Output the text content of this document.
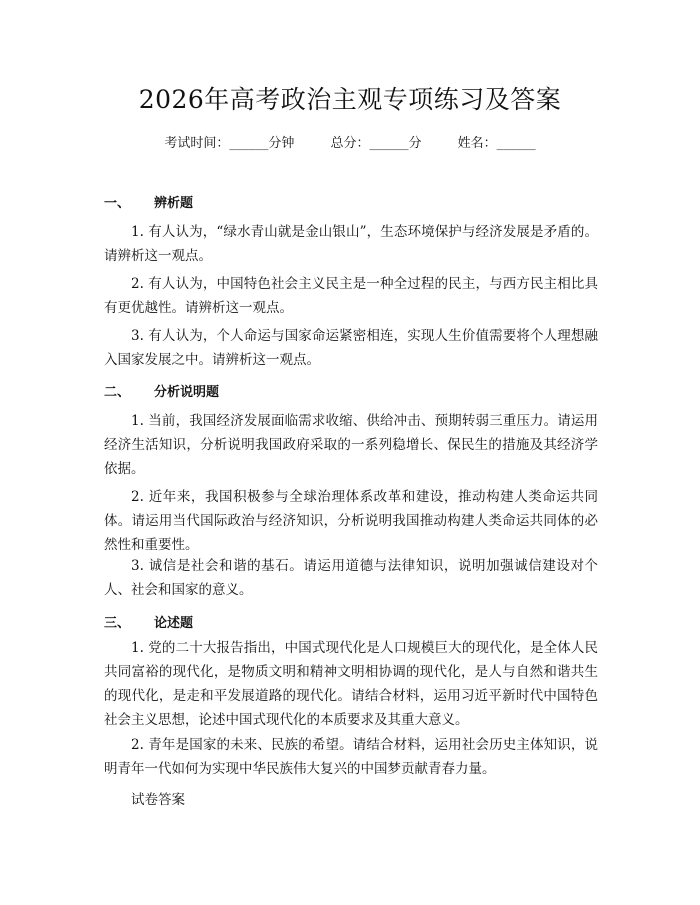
2026年高考政治主观专项练习及答案
考试时间：______分钟	总分：______分	姓名：______
一、 辨析题
1. 有人认为，“绿水青山就是金山银山”，生态环境保护与经济发展是矛盾的。请辨析这一观点。
2. 有人认为，中国特色社会主义民主是一种全过程的民主，与西方民主相比具有更优越性。请辨析这一观点。
3. 有人认为，个人命运与国家命运紧密相连，实现人生价值需要将个人理想融入国家发展之中。请辨析这一观点。
二、 分析说明题
1. 当前，我国经济发展面临需求收缩、供给冲击、预期转弱三重压力。请运用经济生活知识，分析说明我国政府采取的一系列稳增长、保民生的措施及其经济学依据。
2. 近年来，我国积极参与全球治理体系改革和建设，推动构建人类命运共同体。请运用当代国际政治与经济知识，分析说明我国推动构建人类命运共同体的必然性和重要性。
3. 诚信是社会和谐的基石。请运用道德与法律知识，说明加强诚信建设对个人、社会和国家的意义。
三、 论述题
1. 党的二十大报告指出，中国式现代化是人口规模巨大的现代化，是全体人民共同富裕的现代化，是物质文明和精神文明相协调的现代化，是人与自然和谐共生的现代化，是走和平发展道路的现代化。请结合材料，运用习近平新时代中国特色社会主义思想，论述中国式现代化的本质要求及其重大意义。
2. 青年是国家的未来、民族的希望。请结合材料，运用社会历史主体知识，说明青年一代如何为实现中华民族伟大复兴的中国梦贡献青春力量。
试卷答案
